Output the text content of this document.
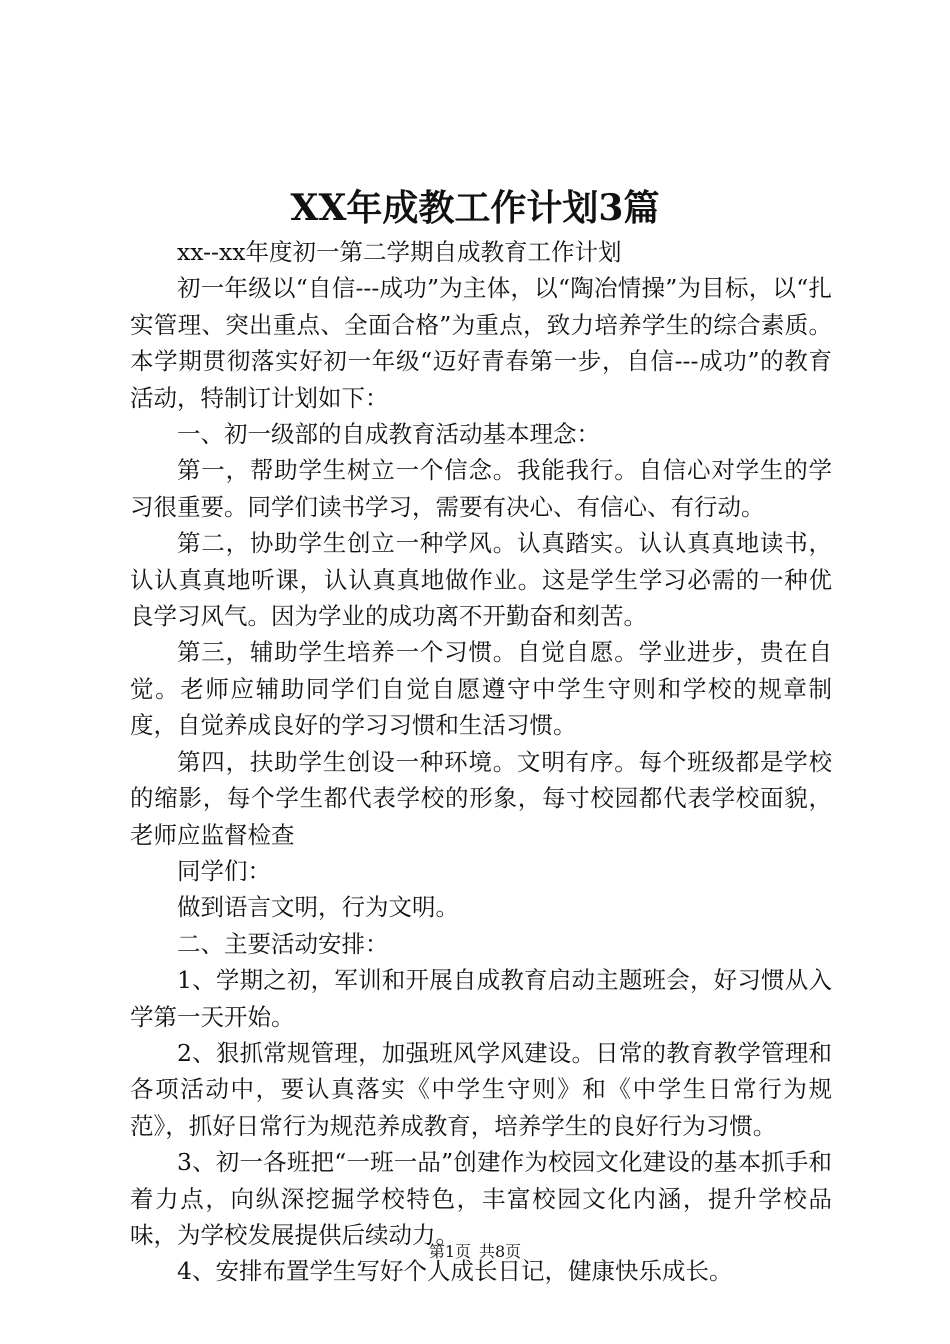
XX年成教工作计划3篇

xx--xx年度初一第二学期自成教育工作计划

初一年级以“自信---成功”为主体，以“陶冶情操”为目标，以“扎实管理、突出重点、全面合格”为重点，致力培养学生的综合素质。本学期贯彻落实好初一年级“迈好青春第一步，自信---成功”的教育活动，特制订计划如下：

一、初一级部的自成教育活动基本理念：

第一，帮助学生树立一个信念。我能我行。自信心对学生的学习很重要。同学们读书学习，需要有决心、有信心、有行动。

第二，协助学生创立一种学风。认真踏实。认认真真地读书，认认真真地听课，认认真真地做作业。这是学生学习必需的一种优良学习风气。因为学业的成功离不开勤奋和刻苦。

第三，辅助学生培养一个习惯。自觉自愿。学业进步，贵在自觉。老师应辅助同学们自觉自愿遵守中学生守则和学校的规章制度，自觉养成良好的学习习惯和生活习惯。

第四，扶助学生创设一种环境。文明有序。每个班级都是学校的缩影，每个学生都代表学校的形象，每寸校园都代表学校面貌，老师应监督检查

同学们：

做到语言文明，行为文明。

二、主要活动安排：

1、学期之初，军训和开展自成教育启动主题班会，好习惯从入学第一天开始。

2、狠抓常规管理，加强班风学风建设。日常的教育教学管理和各项活动中，要认真落实《中学生守则》和《中学生日常行为规范》，抓好日常行为规范养成教育，培养学生的良好行为习惯。

3、初一各班把“一班一品”创建作为校园文化建设的基本抓手和着力点，向纵深挖掘学校特色，丰富校园文化内涵，提升学校品味，为学校发展提供后续动力。

4、安排布置学生写好个人成长日记，健康快乐成长。

第1页 共8页
